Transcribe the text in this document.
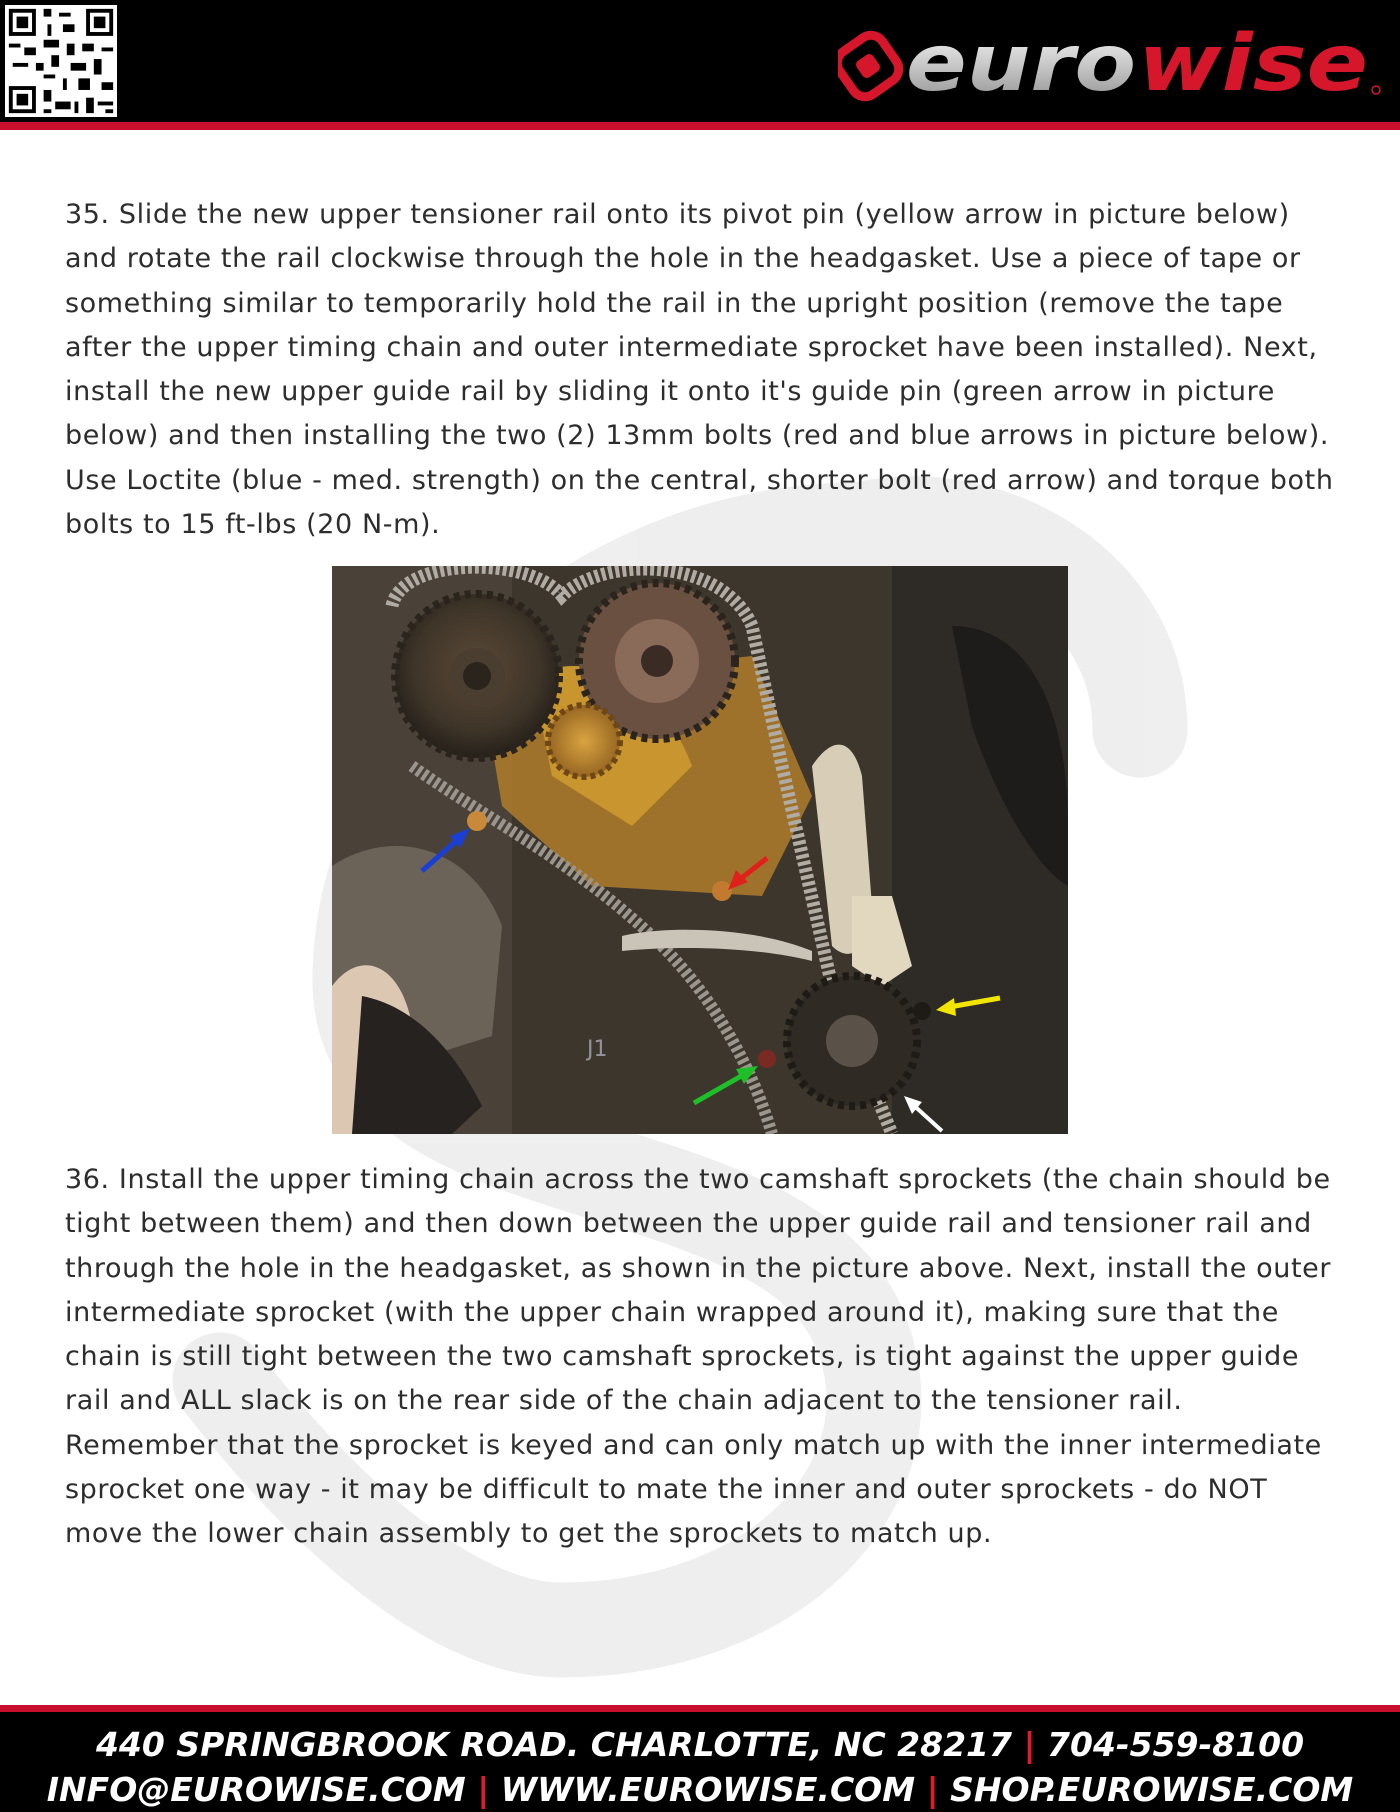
euro wise

35. Slide the new upper tensioner rail onto its pivot pin (yellow arrow in picture below) and rotate the rail clockwise through the hole in the headgasket. Use a piece of tape or something similar to temporarily hold the rail in the upright position (remove the tape after the upper timing chain and outer intermediate sprocket have been installed). Next, install the new upper guide rail by sliding it onto it's guide pin (green arrow in picture below) and then installing the two (2) 13mm bolts (red and blue arrows in picture below). Use Loctite (blue - med. strength) on the central, shorter bolt (red arrow) and torque both bolts to 15 ft-lbs (20 N-m).

J1

36. Install the upper timing chain across the two camshaft sprockets (the chain should be tight between them) and then down between the upper guide rail and tensioner rail and through the hole in the headgasket, as shown in the picture above. Next, install the outer intermediate sprocket (with the upper chain wrapped around it), making sure that the chain is still tight between the two camshaft sprockets, is tight against the upper guide rail and ALL slack is on the rear side of the chain adjacent to the tensioner rail. Remember that the sprocket is keyed and can only match up with the inner intermediate sprocket one way - it may be difficult to mate the inner and outer sprockets - do NOT move the lower chain assembly to get the sprockets to match up.

440 SPRINGBROOK ROAD. CHARLOTTE, NC 28217 | 704-559-8100
INFO@EUROWISE.COM | WWW.EUROWISE.COM | SHOP.EUROWISE.COM
